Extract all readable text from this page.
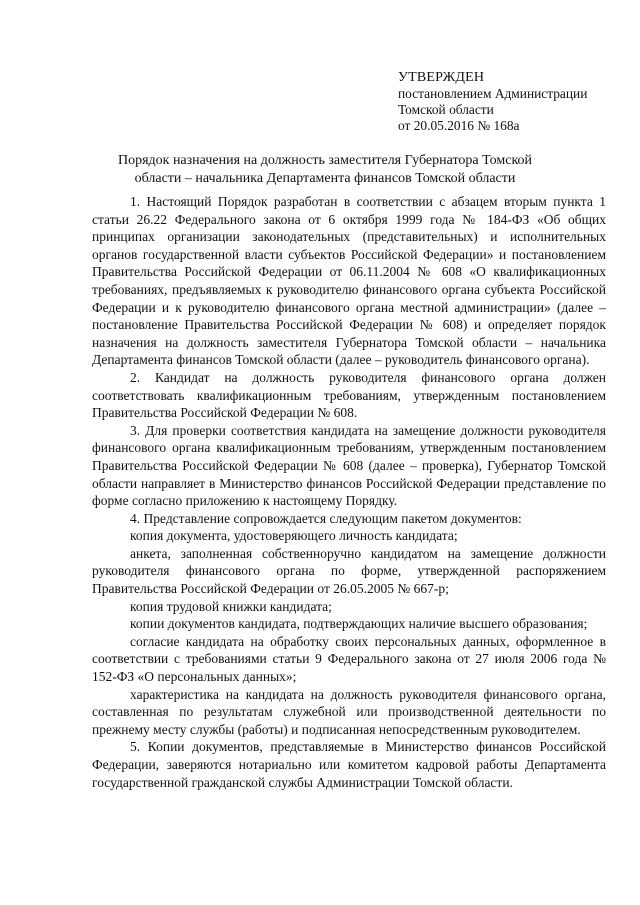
УТВЕРЖДЕН
постановлением Администрации
Томской области
от 20.05.2016 № 168а
Порядок назначения на должность заместителя Губернатора Томской
области – начальника Департамента финансов Томской области

1. Настоящий Порядок разработан в соответствии с абзацем вторым пункта 1 статьи 26.22 Федерального закона от 6 октября 1999 года № 184-ФЗ «Об общих принципах организации законодательных (представительных) и исполнительных органов государственной власти субъектов Российской Федерации» и постановлением Правительства Российской Федерации от 06.11.2004 № 608 «О квалификационных требованиях, предъявляемых к руководителю финансового органа субъекта Российской Федерации и к руководителю финансового органа местной администрации» (далее – постановление Правительства Российской Федерации № 608) и определяет порядок назначения на должность заместителя Губернатора Томской области – начальника Департамента финансов Томской области (далее – руководитель финансового органа).

2. Кандидат на должность руководителя финансового органа должен соответствовать квалификационным требованиям, утвержденным постановлением Правительства Российской Федерации № 608.

3. Для проверки соответствия кандидата на замещение должности руководителя финансового органа квалификационным требованиям, утвержденным постановлением Правительства Российской Федерации № 608 (далее – проверка), Губернатор Томской области направляет в Министерство финансов Российской Федерации представление по форме согласно приложению к настоящему Порядку.

4. Представление сопровождается следующим пакетом документов:

копия документа, удостоверяющего личность кандидата;

анкета, заполненная собственноручно кандидатом на замещение должности руководителя финансового органа по форме, утвержденной распоряжением Правительства Российской Федерации от 26.05.2005 № 667-р;

копия трудовой книжки кандидата;

копии документов кандидата, подтверждающих наличие высшего образования;

согласие кандидата на обработку своих персональных данных, оформленное в соответствии с требованиями статьи 9 Федерального закона от 27 июля 2006 года № 152-ФЗ «О персональных данных»;

характеристика на кандидата на должность руководителя финансового органа, составленная по результатам служебной или производственной деятельности по прежнему месту службы (работы) и подписанная непосредственным руководителем.

5. Копии документов, представляемые в Министерство финансов Российской Федерации, заверяются нотариально или комитетом кадровой работы Департамента государственной гражданской службы Администрации Томской области.
